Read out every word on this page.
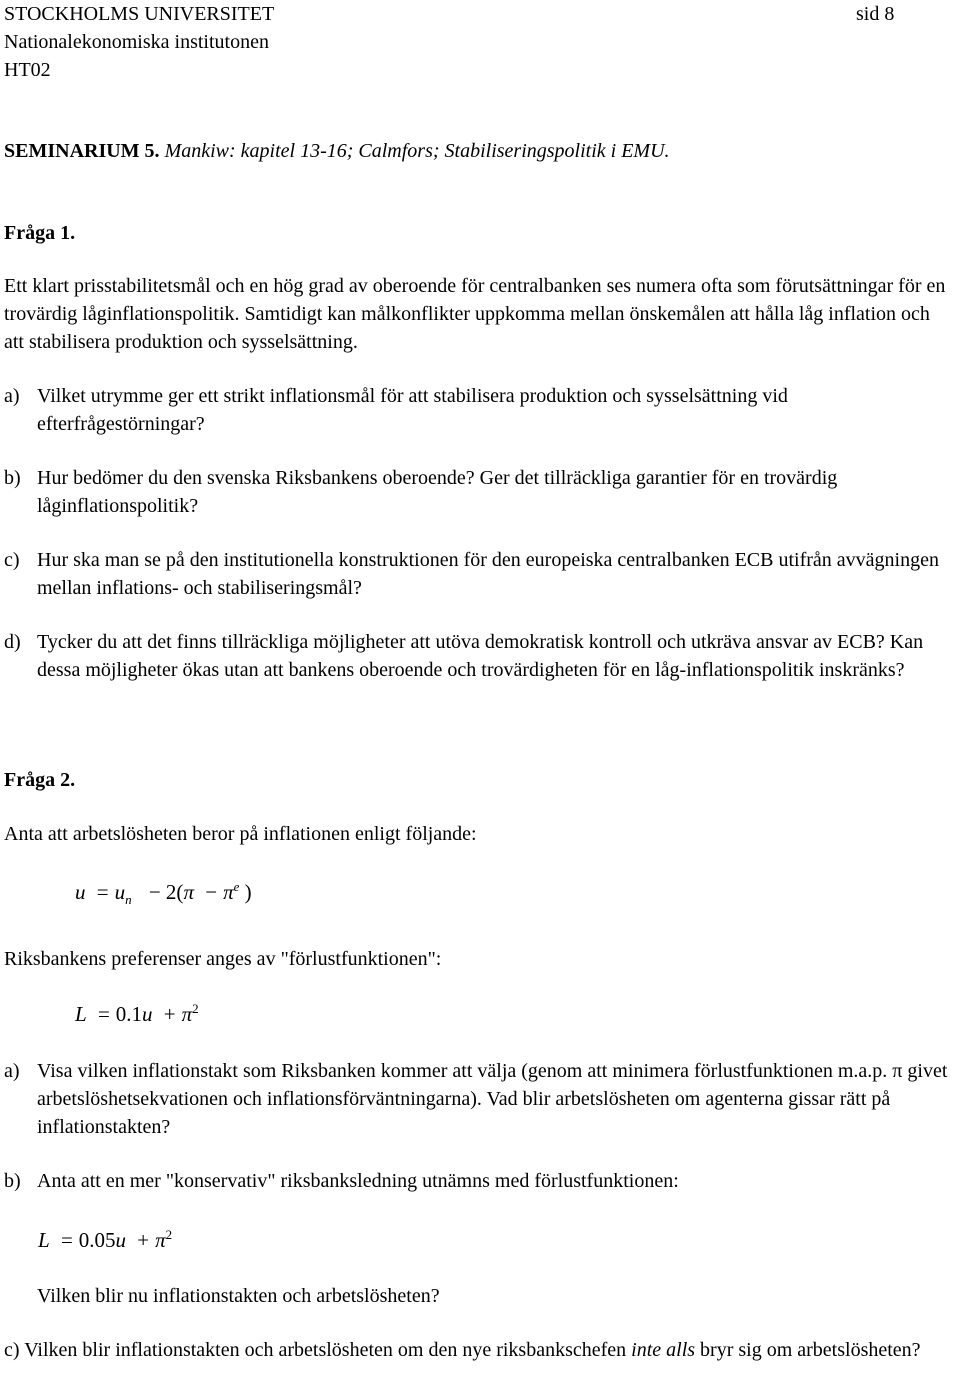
STOCKHOLMS UNIVERSITET	sid 8
Nationalekonomiska institutonen
HT02
SEMINARIUM 5. Mankiw: kapitel 13-16; Calmfors; Stabiliseringspolitik i EMU.
Fråga 1.
Ett klart prisstabilitetsmål och en hög grad av oberoende för centralbanken ses numera ofta som förutsättningar för en trovärdig låginflationspolitik. Samtidigt kan målkonflikter uppkomma mellan önskemålen att hålla låg inflation och att stabilisera produktion och sysselsättning.
a) Vilket utrymme ger ett strikt inflationsmål för att stabilisera produktion och sysselsättning vid efterfrågestörningar?
b) Hur bedömer du den svenska Riksbankens oberoende? Ger det tillräckliga garantier för en trovärdig låginflationspolitik?
c) Hur ska man se på den institutionella konstruktionen för den europeiska centralbanken ECB utifrån avvägningen mellan inflations- och stabiliseringsmål?
d) Tycker du att det finns tillräckliga möjligheter att utöva demokratisk kontroll och utkräva ansvar av ECB? Kan dessa möjligheter ökas utan att bankens oberoende och trovärdigheten för en låg-inflationspolitik inskränks?
Fråga 2.
Anta att arbetslösheten beror på inflationen enligt följande:
$u = u_n - 2(\pi - \pi^e$ )
Riksbankens preferenser anges av "förlustfunktionen":
$L = 0.1u + \pi^2$
a) Visa vilken inflationstakt som Riksbanken kommer att välja (genom att minimera förlustfunktionen m.a.p. π givet arbetslöshetsekvationen och inflationsförväntningarna). Vad blir arbetslösheten om agenterna gissar rätt på inflationstakten?
b) Anta att en mer "konservativ" riksbanksledning utnämns med förlustfunktionen:
$L = 0.05u + \pi^2$
Vilken blir nu inflationstakten och arbetslösheten?
c) Vilken blir inflationstakten och arbetslösheten om den nye riksbankschefen inte alls bryr sig om arbetslösheten?
